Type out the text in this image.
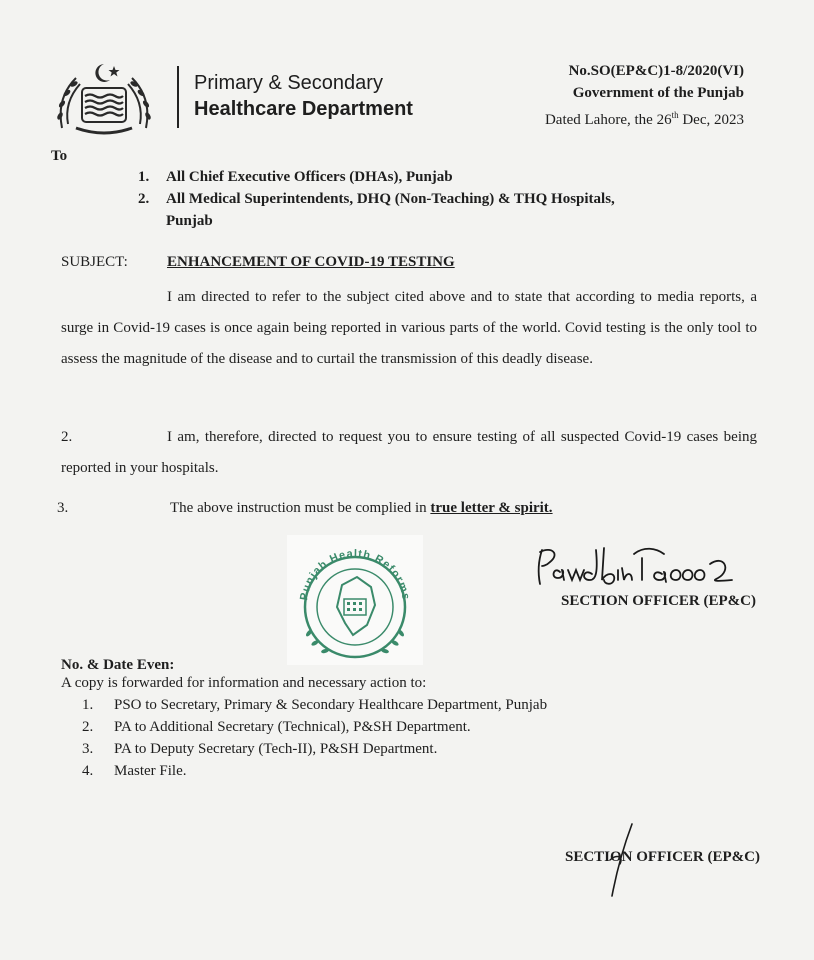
Primary & Secondary
Healthcare Department
No.SO(EP&C)1-8/2020(VI)
Government of the Punjab
Dated Lahore, the 26th Dec, 2023
To
1. All Chief Executive Officers (DHAs), Punjab
2. All Medical Superintendents, DHQ (Non-Teaching) & THQ Hospitals,
Punjab
SUBJECT:	ENHANCEMENT OF COVID-19 TESTING
I am directed to refer to the subject cited above and to state that according to media reports, a surge in Covid-19 cases is once again being reported in various parts of the world. Covid testing is the only tool to assess the magnitude of the disease and to curtail the transmission of this deadly disease.
2.	I am, therefore, directed to request you to ensure testing of all suspected Covid-19 cases being reported in your hospitals.
3.	The above instruction must be complied in true letter & spirit.
Punjab Health Reforms	SECTION OFFICER (EP&C)
No. & Date Even:
A copy is forwarded for information and necessary action to:
1. PSO to Secretary, Primary & Secondary Healthcare Department, Punjab
2. PA to Additional Secretary (Technical), P&SH Department.
3. PA to Deputy Secretary (Tech-II), P&SH Department.
4. Master File.
SECTION OFFICER (EP&C)
